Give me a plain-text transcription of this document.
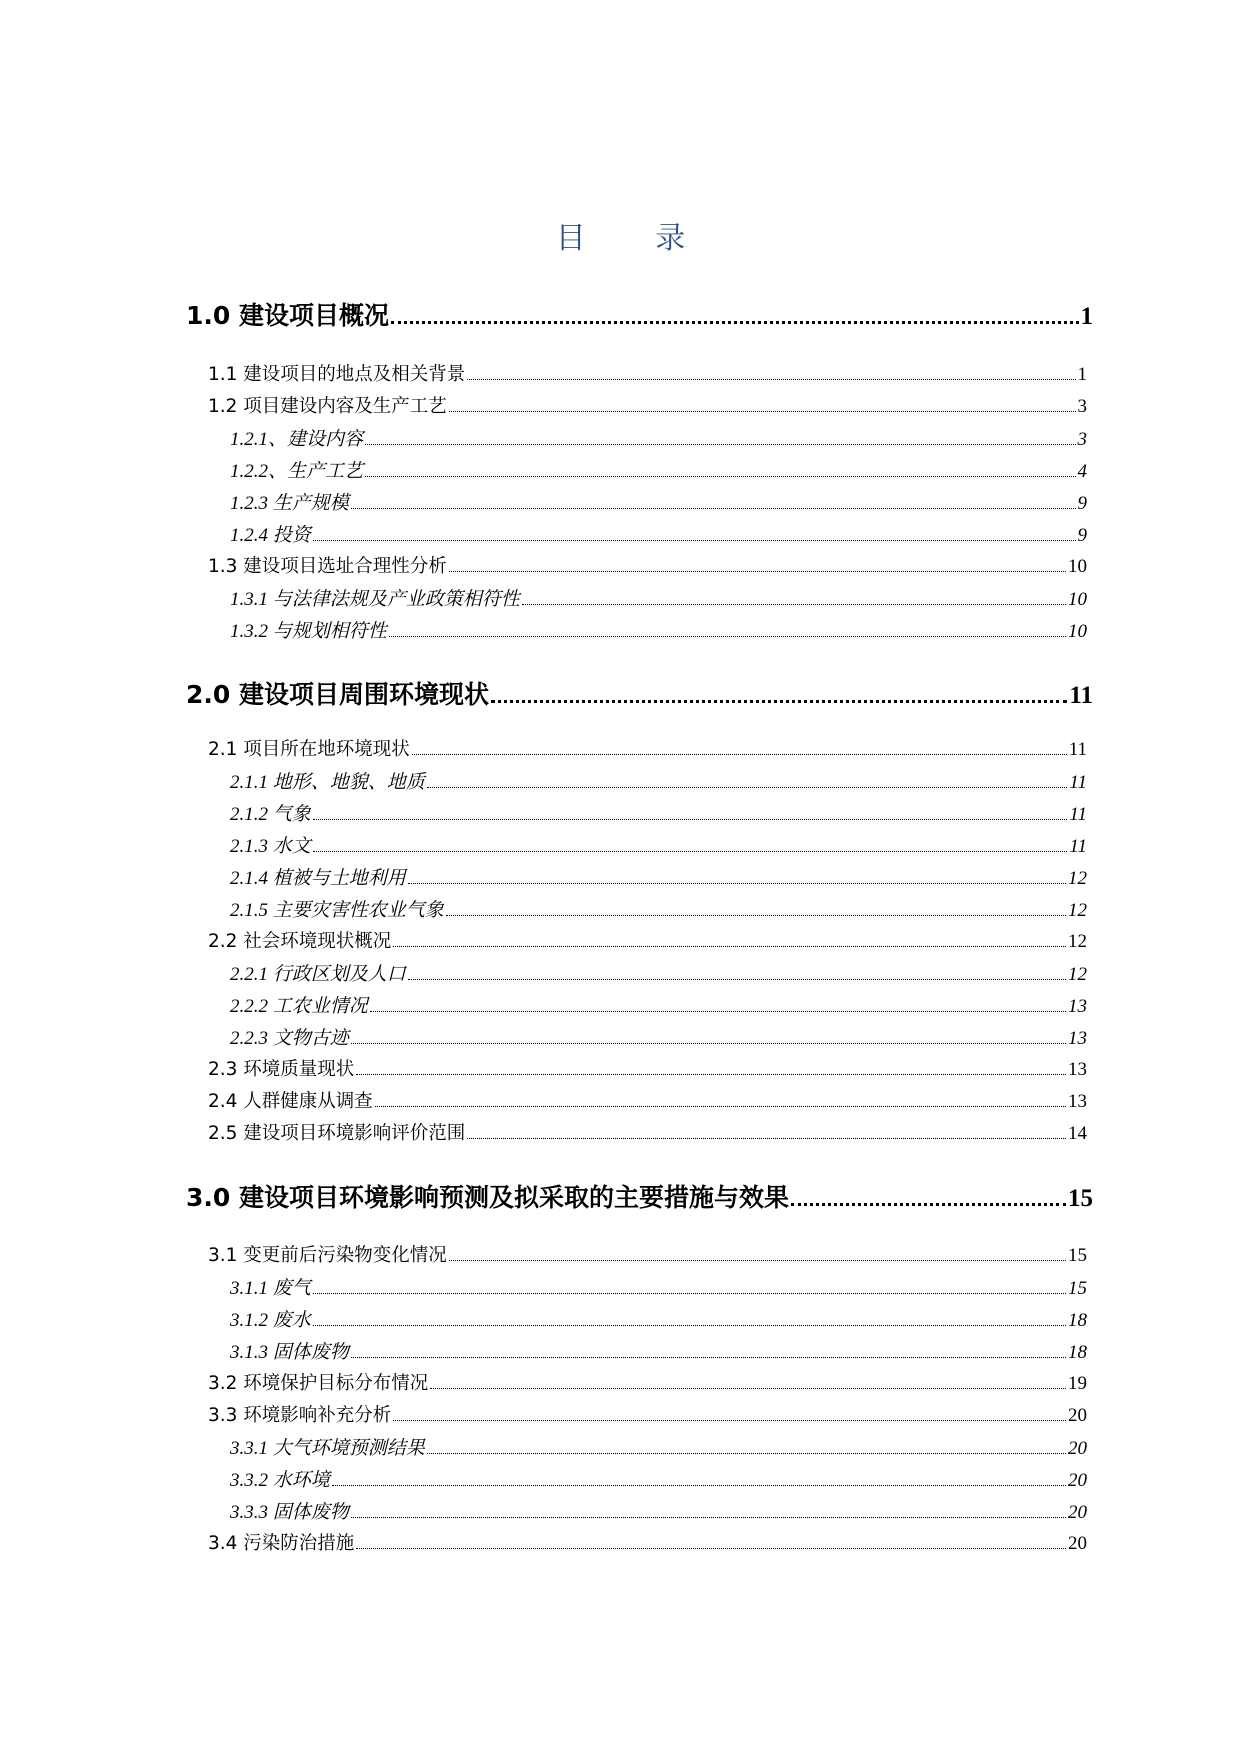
目 录
1.0 建设项目概况	1
1.1 建设项目的地点及相关背景	1
1.2 项目建设内容及生产工艺	3
1.2.1、建设内容	3
1.2.2、生产工艺	4
1.2.3 生产规模	9
1.2.4 投资	9
1.3 建设项目选址合理性分析	10
1.3.1 与法律法规及产业政策相符性	10
1.3.2 与规划相符性	10
2.0 建设项目周围环境现状	11
2.1 项目所在地环境现状	11
2.1.1 地形、地貌、地质	11
2.1.2 气象	11
2.1.3 水文	11
2.1.4 植被与土地利用	12
2.1.5 主要灾害性农业气象	12
2.2 社会环境现状概况	12
2.2.1 行政区划及人口	12
2.2.2 工农业情况	13
2.2.3 文物古迹	13
2.3 环境质量现状	13
2.4 人群健康从调查	13
2.5 建设项目环境影响评价范围	14
3.0 建设项目环境影响预测及拟采取的主要措施与效果	15
3.1 变更前后污染物变化情况	15
3.1.1 废气	15
3.1.2 废水	18
3.1.3 固体废物	18
3.2 环境保护目标分布情况	19
3.3 环境影响补充分析	20
3.3.1 大气环境预测结果	20
3.3.2 水环境	20
3.3.3 固体废物	20
3.4 污染防治措施	20
